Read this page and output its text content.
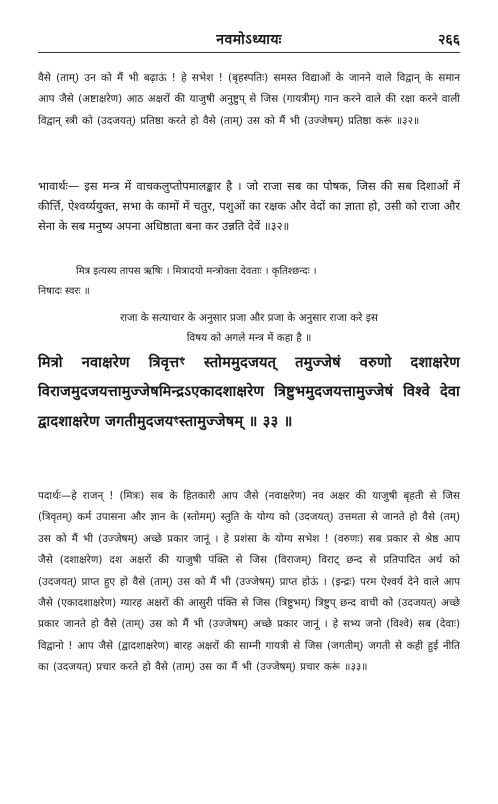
नवमोऽध्यायः	२६६
वैसे (ताम्) उन को मैं भी बढ़ाऊं ! हे सभेश ! (बृहस्पतिः) समस्त विद्याओं के जानने वाले विद्वान् के समान आप जैसे (अष्टाक्षरेण) आठ अक्षरों की याजुषी अनुष्टुप् से जिस (गायत्रीम्) गान करने वाले की रक्षा करने वाली विद्वान् स्त्री को (उदजयत्) प्रतिष्ठा करते हो वैसे (ताम्) उस को मैं भी (उज्जेषम्) प्रतिष्ठा करूं ॥३२॥
भावार्थः— इस मन्त्र में वाचकलुप्तोपमालङ्कार है । जो राजा सब का पोषक, जिस की सब दिशाओं में कीर्त्ति, ऐश्वर्य्ययुक्त, सभा के कामों में चतुर, पशुओं का रक्षक और वेदों का ज्ञाता हो, उसी को राजा और सेना के सब मनुष्य अपना अधिष्ठाता बना कर उन्नति देवें ॥३२॥
मित्र इत्यस्य तापस ऋषिः । मित्रादयो मन्त्रोक्ता देवताः । कृतिश्छन्दः ।
निषादः स्वरः ॥
राजा के सत्याचार के अनुसार प्रजा और प्रजा के अनुसार राजा करे इस
विषय को अगले मन्त्र में कहा है ॥
मित्रो नवाक्षरेण त्रिवृत्तꣳ स्तोममुदजयत् तमुज्जेषं वरुणो दशाक्षरेण विराजमुदजयत्तामुज्जेषमिन्द्रऽएकादशाक्षरेण त्रिष्टुभमुदजयत्तामुज्जेषं विश्वे देवा द्वादशाक्षरेण जगतीमुदजयꣳस्तामुज्जेषम् ॥ ३३ ॥
पदार्थः—हे राजन् ! (मित्रः) सब के हितकारी आप जैसे (नवाक्षरेण) नव अक्षर की याजुषी बृहती से जिस (त्रिवृतम्) कर्म उपासना और ज्ञान के (स्तोमम्) स्तुति के योग्य को (उदजयत्) उत्तमता से जानते हो वैसे (तम्) उस को मैं भी (उज्जेषम्) अच्छे प्रकार जानूं । हे प्रशंसा के योग्य सभेश ! (वरुणः) सब प्रकार से श्रेष्ठ आप जैसे (दशाक्षरेण) दश अक्षरों की याजुषी पंक्ति से जिस (विराजम्) विराट् छन्द से प्रतिपादित अर्थ को (उदजयत्) प्राप्त हुए हो वैसे (ताम्) उस को मैं भी (उज्जेषम्) प्राप्त होऊं । (इन्द्रः) परम ऐश्वर्य देने वाले आप जैसे (एकादशाक्षरेण) ग्यारह अक्षरों की आसुरी पंक्ति से जिस (त्रिष्टुभम्) त्रिष्टुप् छन्द वाची को (उदजयत्) अच्छे प्रकार जानते हो वैसे (ताम्) उस को मैं भी (उज्जेषम्) अच्छे प्रकार जानूं । हे सभ्य जनो (विश्वे) सब (देवाः) विद्वानो ! आप जैसे (द्वादशाक्षरेण) बारह अक्षरों की साम्नी गायत्री से जिस (जगतीम्) जगती से कही हुई नीति का (उदजयत्) प्रचार करते हो वैसे (ताम्) उस का मैं भी (उज्जेषम्) प्रचार करूं ॥३३॥
